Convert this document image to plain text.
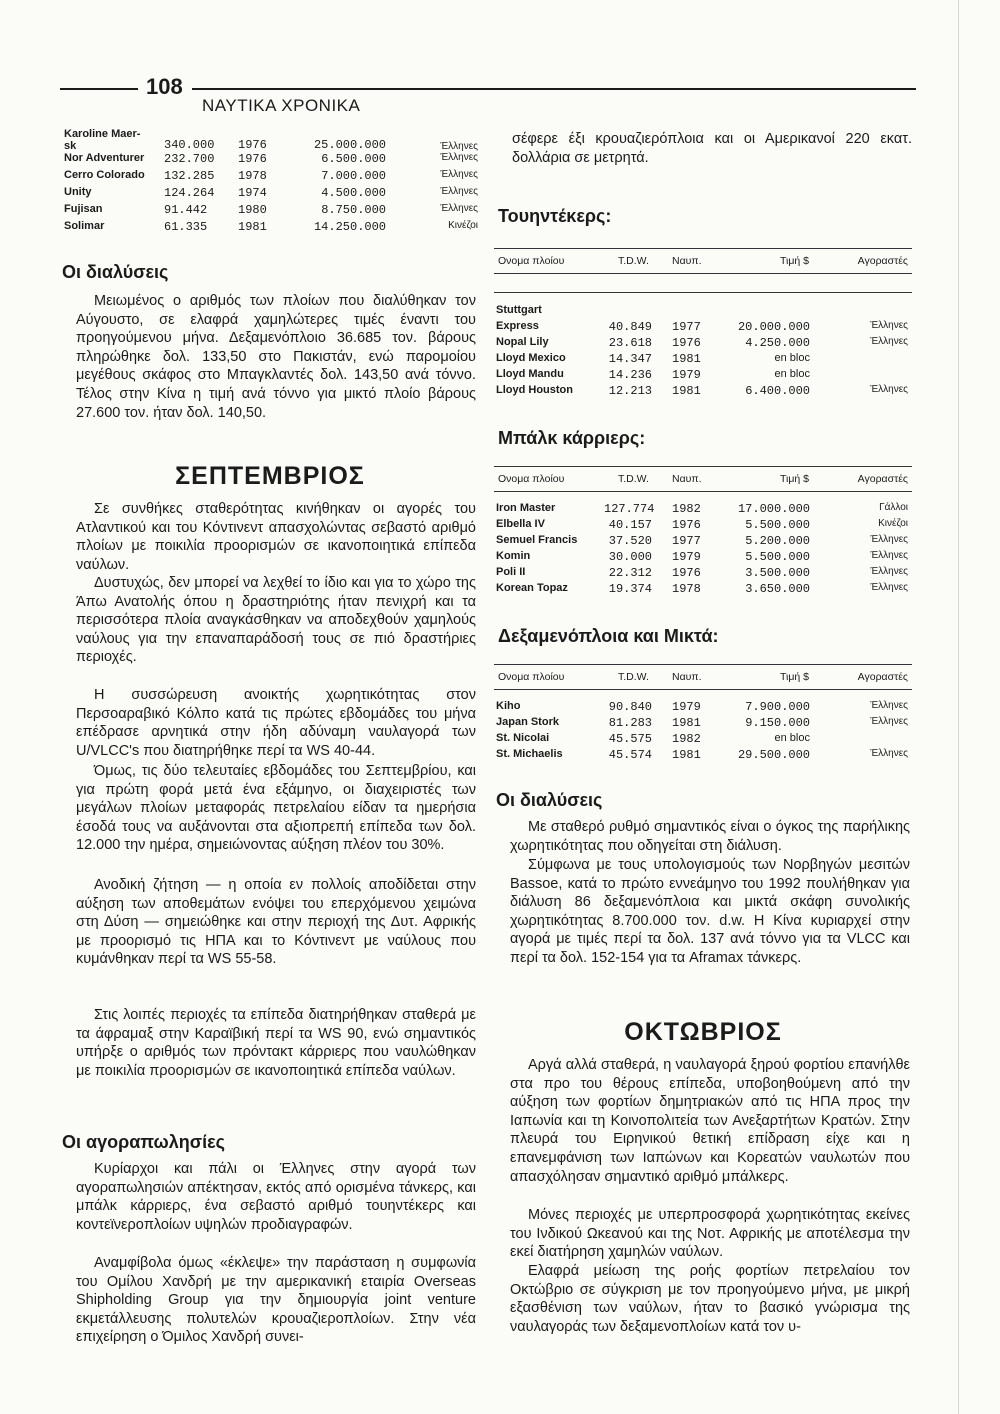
108
ΝΑΥΤΙΚΑ ΧΡΟΝΙΚΑ
Karoline Maer-
sk	340.000	1976	25.000.000	Έλληνες
Nor Adventurer	232.700	1976	6.500.000	Έλληνες
Cerro Colorado	132.285	1978	7.000.000	Έλληνες
Unity	124.264	1974	4.500.000	Έλληνες
Fujisan	91.442	1980	8.750.000	Έλληνες
Solimar	61.335	1981	14.250.000	Κινέζοι
Οι διαλύσεις

Μειωμένος ο αριθμός των πλοίων που διαλύθηκαν τον Αύγουστο, σε ελαφρά χαμηλώτερες τιμές έναντι του προηγούμενου μήνα. Δεξαμενόπλοιο 36.685 τον. βάρους πληρώθηκε δολ. 133,50 στο Πακιστάν, ενώ παρομοίου μεγέθους σκάφος στο Μπαγκλαντές δολ. 143,50 ανά τόννο. Τέλος στην Κίνα η τιμή ανά τόννο για μικτό πλοίο βάρους 27.600 τον. ήταν δολ. 140,50.

ΣΕΠΤΕΜΒΡΙΟΣ

Σε συνθήκες σταθερότητας κινήθηκαν οι αγορές του Ατλαντικού και του Κόντινεντ απασχολώντας σεβαστό αριθμό πλοίων με ποικιλία προορισμών σε ικανοποιητικά επίπεδα ναύλων.

Δυστυχώς, δεν μπορεί να λεχθεί το ίδιο και για το χώρο της Άπω Ανατολής όπου η δραστηριότης ήταν πενιχρή και τα περισσότερα πλοία αναγκάσθηκαν να αποδεχθούν χαμηλούς ναύλους για την επαναπαράδοσή τους σε πιό δραστήριες περιοχές.

Η συσσώρευση ανοικτής χωρητικότητας στον Περσοαραβικό Κόλπο κατά τις πρώτες εβδομάδες του μήνα επέδρασε αρνητικά στην ήδη αδύναμη ναυλαγορά των U/VLCC's που διατηρήθηκε περί τα WS 40-44.

Όμως, τις δύο τελευταίες εβδομάδες του Σεπτεμβρίου, και για πρώτη φορά μετά ένα εξάμηνο, οι διαχειριστές των μεγάλων πλοίων μεταφοράς πετρελαίου είδαν τα ημερήσια έσοδά τους να αυξάνονται στα αξιοπρεπή επίπεδα των δολ. 12.000 την ημέρα, σημειώνοντας αύξηση πλέον του 30%.

Ανοδική ζήτηση — η οποία εν πολλοίς αποδίδεται στην αύξηση των αποθεμάτων ενόψει του επερχόμενου χειμώνα στη Δύση — σημειώθηκε και στην περιοχή της Δυτ. Αφρικής με προορισμό τις ΗΠΑ και το Κόντινεντ με ναύλους που κυμάνθηκαν περί τα WS 55-58.

Στις λοιπές περιοχές τα επίπεδα διατηρήθηκαν σταθερά με τα άφραμαξ στην Καραϊβική περί τα WS 90, ενώ σημαντικός υπήρξε ο αριθμός των πρόντακτ κάρριερς που ναυλώθηκαν με ποικιλία προορισμών σε ικανοποιητικά επίπεδα ναύλων.

Οι αγοραπωλησίες

Κυρίαρχοι και πάλι οι Έλληνες στην αγορά των αγοραπωλησιών απέκτησαν, εκτός από ορισμένα τάνκερς, και μπάλκ κάρριερς, ένα σεβαστό αριθμό τουηντέκερς και κοντεϊνερoπλοίων υψηλών προδιαγραφών.

Αναμφίβολα όμως «έκλεψε» την παράσταση η συμφωνία του Ομίλου Χανδρή με την αμερικανική εταιρία Overseas Shipholding Group για την δημιουργία joint venture εκμετάλλευσης πολυτελών κρουαζιεροπλοίων. Στην νέα επιχείρηση ο Όμιλος Χανδρή συνει-

σέφερε έξι κρουαζιερόπλοια και οι Αμερικανοί 220 εκατ. δολλάρια σε μετρητά.

Τουηντέκερς:
Ονομα πλοίου	T.D.W. Ναυπ.	Τιμή $	Αγοραστές
Stuttgart
Express	40.849 1977	20.000.000	Έλληνες
Nopal Lily	23.618 1976	4.250.000	Έλληνες
Lloyd Mexico	14.347 1981	en bloc
Lloyd Mandu	14.236 1979	en bloc
Lloyd Houston	12.213 1981	6.400.000	Έλληνες
Μπάλκ κάρριερς:
Ονομα πλοίου	T.D.W. Ναυπ.	Τιμή $	Αγοραστές
Iron Master	127.774 1982	17.000.000	Γάλλοι
Elbella IV	40.157 1976	5.500.000	Κινέζοι
Semuel Francis	37.520 1977	5.200.000	Έλληνες
Komin	30.000 1979	5.500.000	Έλληνες
Poli II	22.312 1976	3.500.000	Έλληνες
Korean Topaz	19.374 1978	3.650.000	Έλληνες
Δεξαμενόπλοια και Μικτά:
Ονομα πλοίου	T.D.W. Ναυπ.	Τιμή $	Αγοραστές
Kiho	90.840 1979	7.900.000	Έλληνες
Japan Stork	81.283 1981	9.150.000	Έλληνες
St. Nicolai	45.575 1982	en bloc
St. Michaelis	45.574 1981	29.500.000	Έλληνες
Οι διαλύσεις

Με σταθερό ρυθμό σημαντικός είναι ο όγκος της παρήλικης χωρητικότητας που οδηγείται στη διάλυση.

Σύμφωνα με τους υπολογισμούς των Νορβηγών μεσιτών Bassoe, κατά το πρώτο εννεάμηνο του 1992 πουλήθηκαν για διάλυση 86 δεξαμενόπλοια και μικτά σκάφη συνολικής χωρητικότητας 8.700.000 τον. d.w. Η Κίνα κυριαρχεί στην αγορά με τιμές περί τα δολ. 137 ανά τόννο για τα VLCC και περί τα δολ. 152-154 για τα Aframax τάνκερς.

ΟΚΤΩΒΡΙΟΣ

Αργά αλλά σταθερά, η ναυλαγορά ξηρού φορτίου επανήλθε στα προ του θέρους επίπεδα, υποβοηθούμενη από την αύξηση των φορτίων δημητριακών από τις ΗΠΑ προς την Ιαπωνία και τη Κοινοπολιτεία των Ανεξαρτήτων Κρατών. Στην πλευρά του Ειρηνικού θετική επίδραση είχε και η επανεμφάνιση των Ιαπώνων και Κορεατών ναυλωτών που απασχόλησαν σημαντικό αριθμό μπάλκερς.

Μόνες περιοχές με υπερπροσφορά χωρητικότητας εκείνες του Ινδικού Ωκεανού και της Νοτ. Αφρικής με αποτέλεσμα την εκεί διατήρηση χαμηλών ναύλων.

Ελαφρά μείωση της ροής φορτίων πετρελαίου τον Οκτώβριο σε σύγκριση με τον προηγούμενο μήνα, με μικρή εξασθένιση των ναύλων, ήταν το βασικό γνώρισμα της ναυλαγοράς των δεξαμενοπλοίων κατά τον υ-
